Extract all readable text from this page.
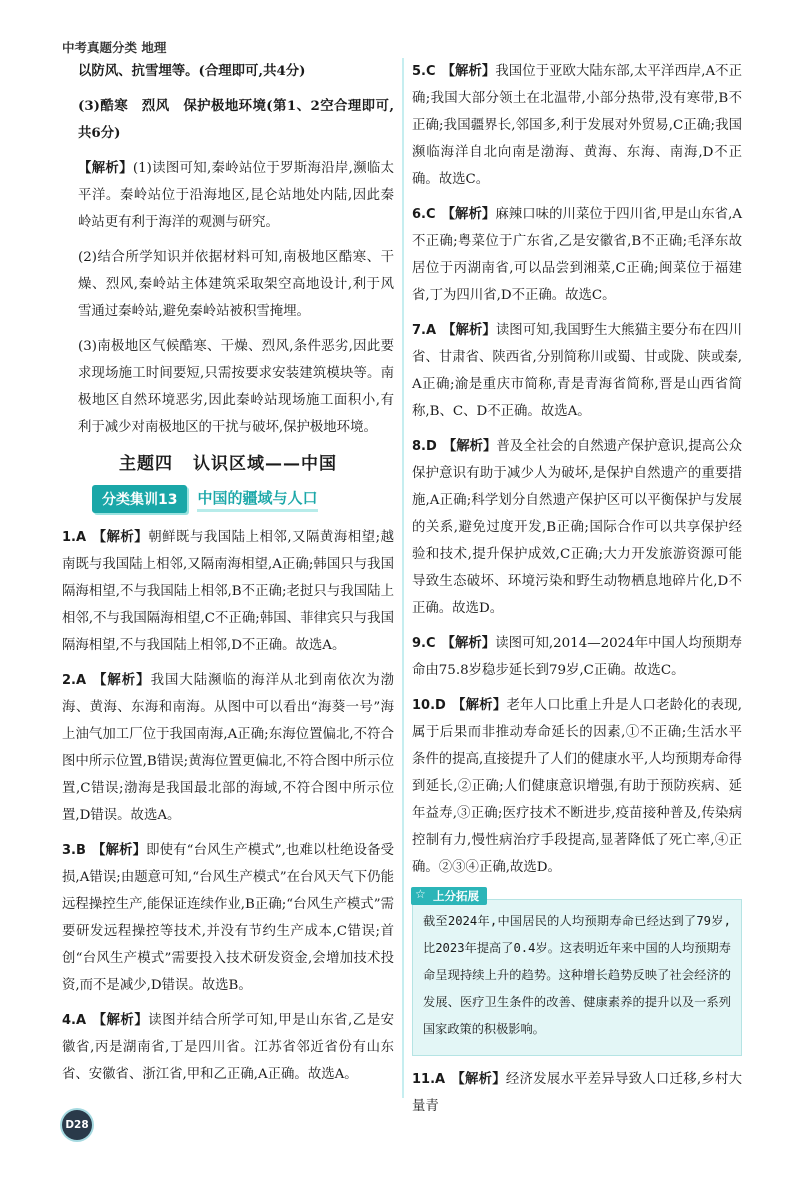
中考真题分类 地理

以防风、抗雪埋等。(合理即可,共4分)

(3)酷寒　烈风　保护极地环境(第1、2空合理即可,共6分)

【解析】(1)读图可知,秦岭站位于罗斯海沿岸,濒临太平洋。秦岭站位于沿海地区,昆仑站地处内陆,因此秦岭站更有利于海洋的观测与研究。

(2)结合所学知识并依据材料可知,南极地区酷寒、干燥、烈风,秦岭站主体建筑采取架空高地设计,利于风雪通过秦岭站,避免秦岭站被积雪掩埋。

(3)南极地区气候酷寒、干燥、烈风,条件恶劣,因此要求现场施工时间要短,只需按要求安装建筑模块等。南极地区自然环境恶劣,因此秦岭站现场施工面积小,有利于减少对南极地区的干扰与破坏,保护极地环境。

主题四 认识区域——中国
分类集训13	中国的疆域与人口

1.A 【解析】朝鲜既与我国陆上相邻,又隔黄海相望;越南既与我国陆上相邻,又隔南海相望,A正确;韩国只与我国隔海相望,不与我国陆上相邻,B不正确;老挝只与我国陆上相邻,不与我国隔海相望,C不正确;韩国、菲律宾只与我国隔海相望,不与我国陆上相邻,D不正确。故选A。

2.A 【解析】我国大陆濒临的海洋从北到南依次为渤海、黄海、东海和南海。从图中可以看出“海葵一号”海上油气加工厂位于我国南海,A正确;东海位置偏北,不符合图中所示位置,B错误;黄海位置更偏北,不符合图中所示位置,C错误;渤海是我国最北部的海域,不符合图中所示位置,D错误。故选A。

3.B 【解析】即使有“台风生产模式”,也难以杜绝设备受损,A错误;由题意可知,“台风生产模式”在台风天气下仍能远程操控生产,能保证连续作业,B正确;“台风生产模式”需要研发远程操控等技术,并没有节约生产成本,C错误;首创“台风生产模式”需要投入技术研发资金,会增加技术投资,而不是减少,D错误。故选B。

4.A 【解析】读图并结合所学可知,甲是山东省,乙是安徽省,丙是湖南省,丁是四川省。江苏省邻近省份有山东省、安徽省、浙江省,甲和乙正确,A正确。故选A。

5.C 【解析】我国位于亚欧大陆东部,太平洋西岸,A不正确;我国大部分领土在北温带,小部分热带,没有寒带,B不正确;我国疆界长,邻国多,利于发展对外贸易,C正确;我国濒临海洋自北向南是渤海、黄海、东海、南海,D不正确。故选C。

6.C 【解析】麻辣口味的川菜位于四川省,甲是山东省,A不正确;粤菜位于广东省,乙是安徽省,B不正确;毛泽东故居位于丙湖南省,可以品尝到湘菜,C正确;闽菜位于福建省,丁为四川省,D不正确。故选C。

7.A 【解析】读图可知,我国野生大熊猫主要分布在四川省、甘肃省、陕西省,分别简称川或蜀、甘或陇、陕或秦,A正确;渝是重庆市简称,青是青海省简称,晋是山西省简称,B、C、D不正确。故选A。

8.D 【解析】普及全社会的自然遗产保护意识,提高公众保护意识有助于减少人为破坏,是保护自然遗产的重要措施,A正确;科学划分自然遗产保护区可以平衡保护与发展的关系,避免过度开发,B正确;国际合作可以共享保护经验和技术,提升保护成效,C正确;大力开发旅游资源可能导致生态破坏、环境污染和野生动物栖息地碎片化,D不正确。故选D。

9.C 【解析】读图可知,2014—2024年中国人均预期寿命由75.8岁稳步延长到79岁,C正确。故选C。

10.D 【解析】老年人口比重上升是人口老龄化的表现,属于后果而非推动寿命延长的因素,①不正确;生活水平条件的提高,直接提升了人们的健康水平,人均预期寿命得到延长,②正确;人们健康意识增强,有助于预防疾病、延年益寿,③正确;医疗技术不断进步,疫苗接种普及,传染病控制有力,慢性病治疗手段提高,显著降低了死亡率,④正确。②③④正确,故选D。

☆ 上分拓展

截至2024年,中国居民的人均预期寿命已经达到了79岁,比2023年提高了0.4岁。这表明近年来中国的人均预期寿命呈现持续上升的趋势。这种增长趋势反映了社会经济的发展、医疗卫生条件的改善、健康素养的提升以及一系列国家政策的积极影响。

11.A 【解析】经济发展水平差异导致人口迁移,乡村大量青

D28
